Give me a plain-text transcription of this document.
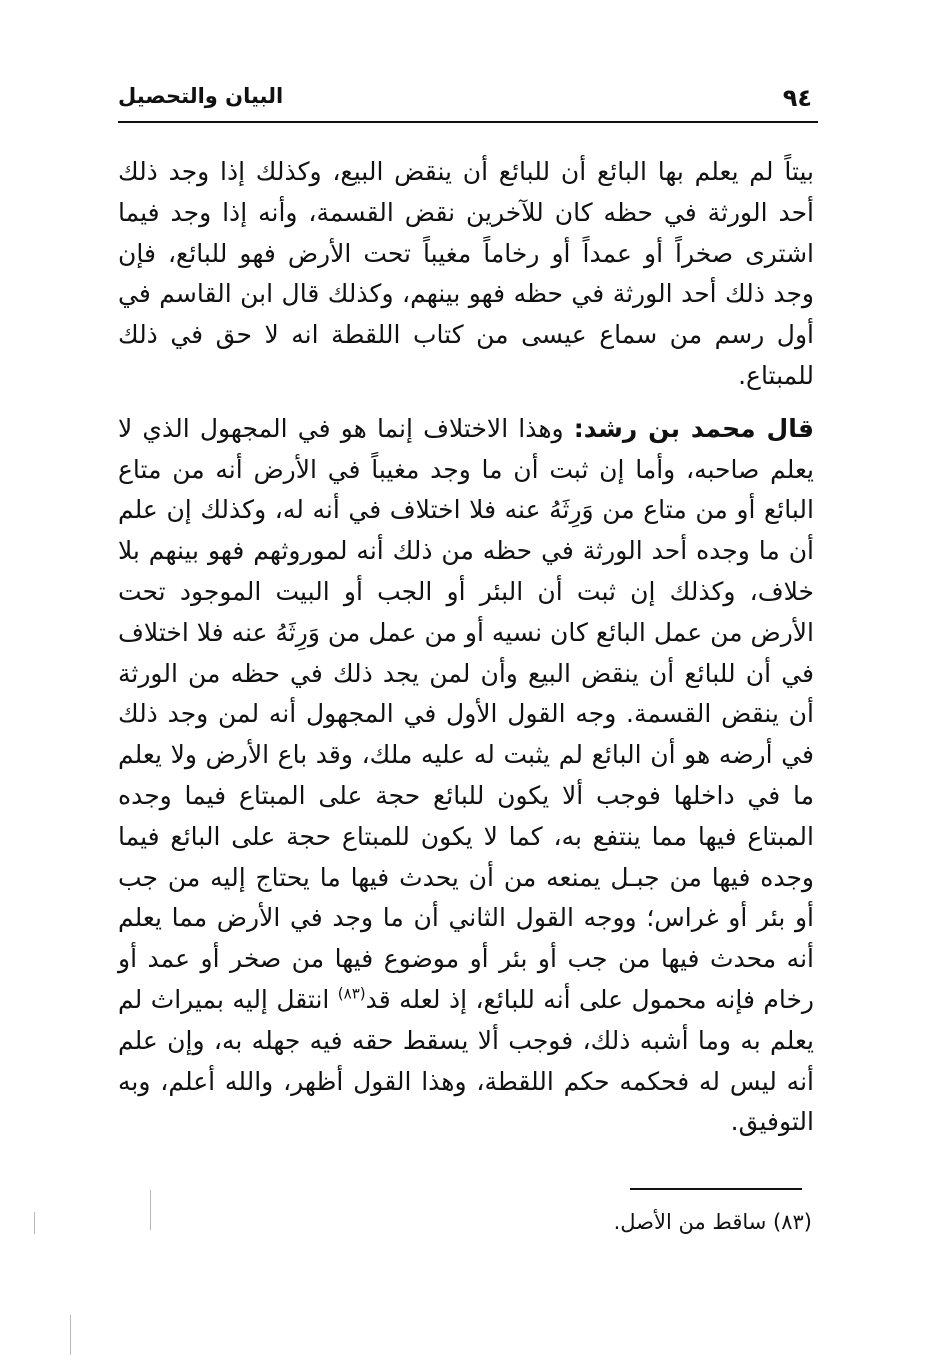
البيان والتحصيل	٩٤

بيتاً لم يعلم بها البائع أن للبائع أن ينقض البيع، وكذلك إذا وجد ذلك أحد الورثة في حظه كان للآخرين نقض القسمة، وأنه إذا وجد فيما اشترى صخراً أو عمداً أو رخاماً مغيباً تحت الأرض فهو للبائع، فإن وجد ذلك أحد الورثة في حظه فهو بينهم، وكذلك قال ابن القاسم في أول رسم من سماع عيسى من كتاب اللقطة انه لا حق في ذلك للمبتاع.

قال محمد بن رشد: وهذا الاختلاف إنما هو في المجهول الذي لا يعلم صاحبه، وأما إن ثبت أن ما وجد مغيباً في الأرض أنه من متاع البائع أو من متاع من وَرِثَهُ عنه فلا اختلاف في أنه له، وكذلك إن علم أن ما وجده أحد الورثة في حظه من ذلك أنه لموروثهم فهو بينهم بلا خلاف، وكذلك إن ثبت أن البئر أو الجب أو البيت الموجود تحت الأرض من عمل البائع كان نسيه أو من عمل من وَرِثَهُ عنه فلا اختلاف في أن للبائع أن ينقض البيع وأن لمن يجد ذلك في حظه من الورثة أن ينقض القسمة. وجه القول الأول في المجهول أنه لمن وجد ذلك في أرضه هو أن البائع لم يثبت له عليه ملك، وقد باع الأرض ولا يعلم ما في داخلها فوجب ألا يكون للبائع حجة على المبتاع فيما وجده المبتاع فيها مما ينتفع به، كما لا يكون للمبتاع حجة على البائع فيما وجده فيها من جبـل يمنعه من أن يحدث فيها ما يحتاج إليه من جب أو بئر أو غراس؛ ووجه القول الثاني أن ما وجد في الأرض مما يعلم أنه محدث فيها من جب أو بئر أو موضوع فيها من صخر أو عمد أو رخام فإنه محمول على أنه للبائع، إذ لعله قد$^{(٨٣)}$ انتقل إليه بميراث لم يعلم به وما أشبه ذلك، فوجب ألا يسقط حقه فيه جهله به، وإن علم أنه ليس له فحكمه حكم اللقطة، وهذا القول أظهر، والله أعلم، وبه التوفيق.

(٨٣) ساقط من الأصل.
